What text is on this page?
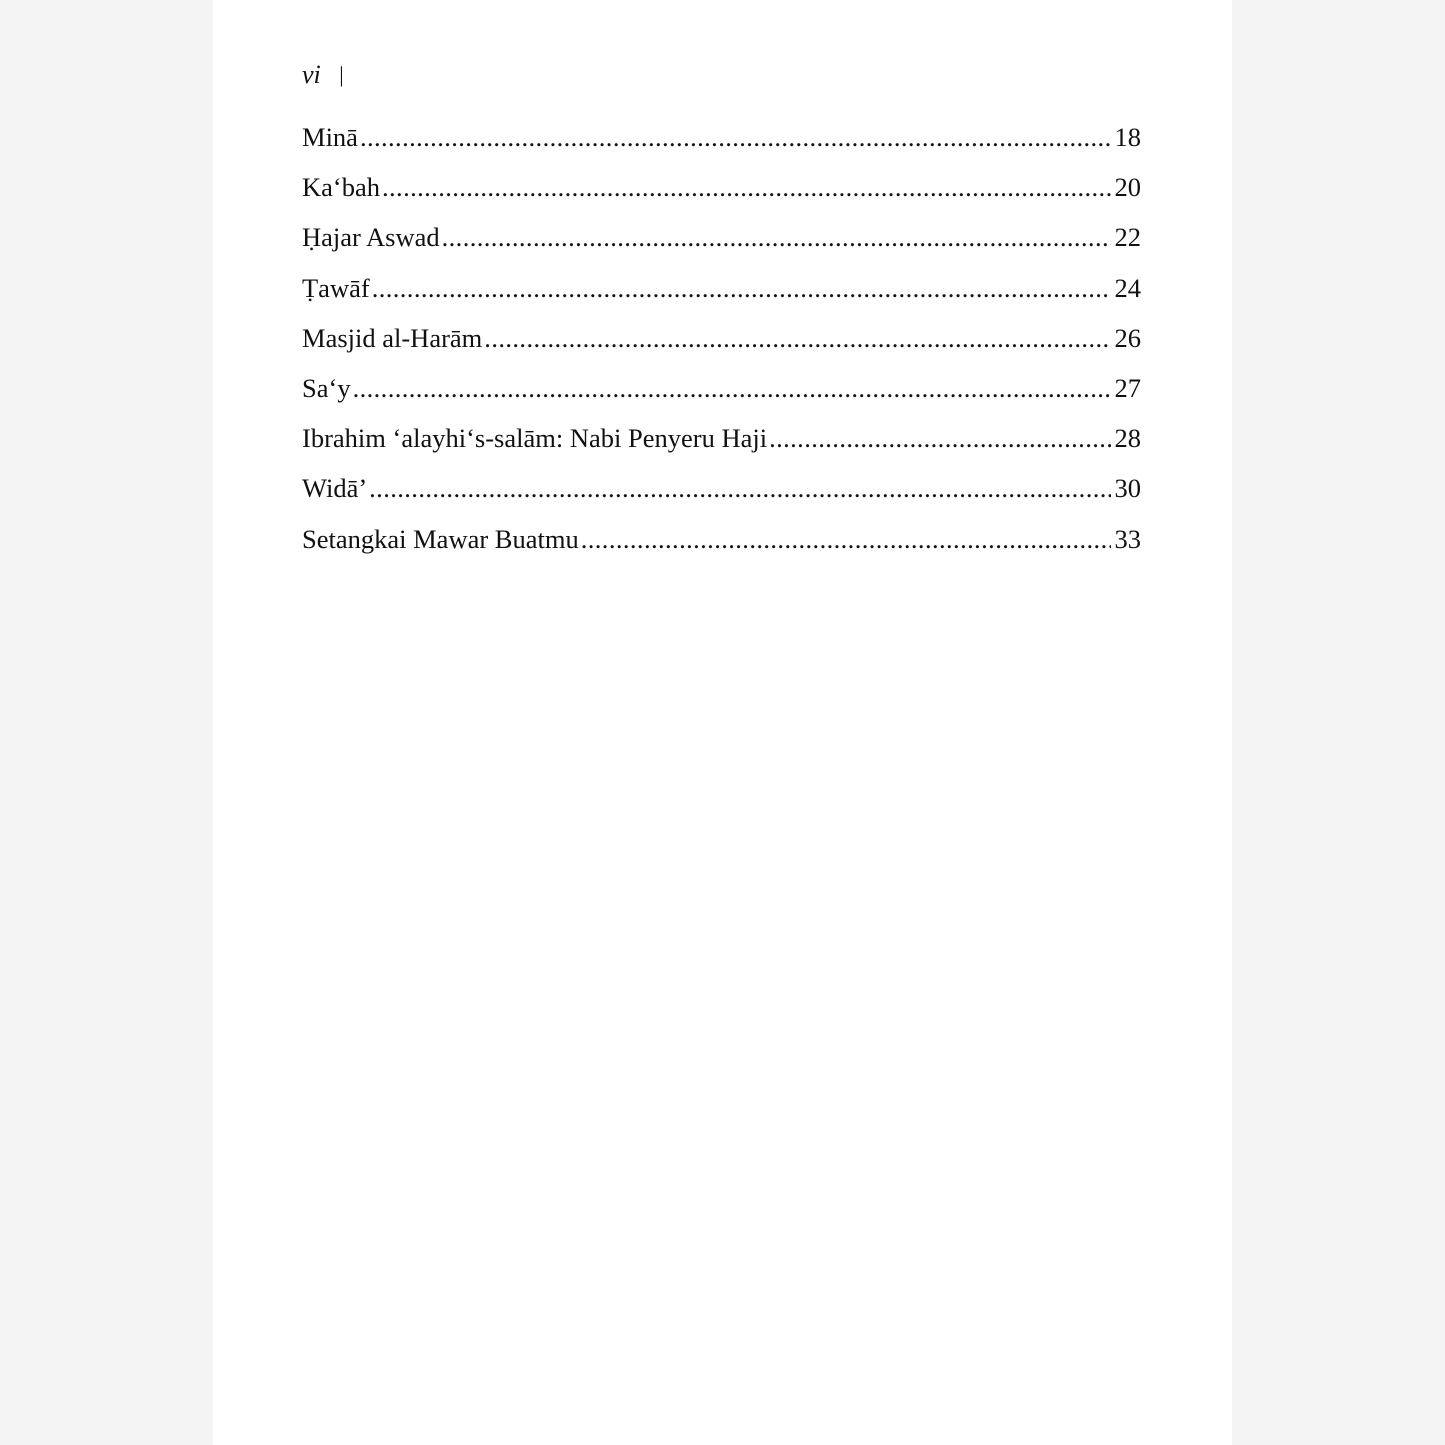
vi |
Minā .....	18
Ka‘bah .....	20
Ḥajar Aswad .....	22
Ṭawāf .....	24
Masjid al-Harām .....	26
Sa‘y .....	27
Ibrahim ‘alayhi‘s-salām: Nabi Penyeru Haji .....	28
Widā’ .....	30
Setangkai Mawar Buatmu .....	33
